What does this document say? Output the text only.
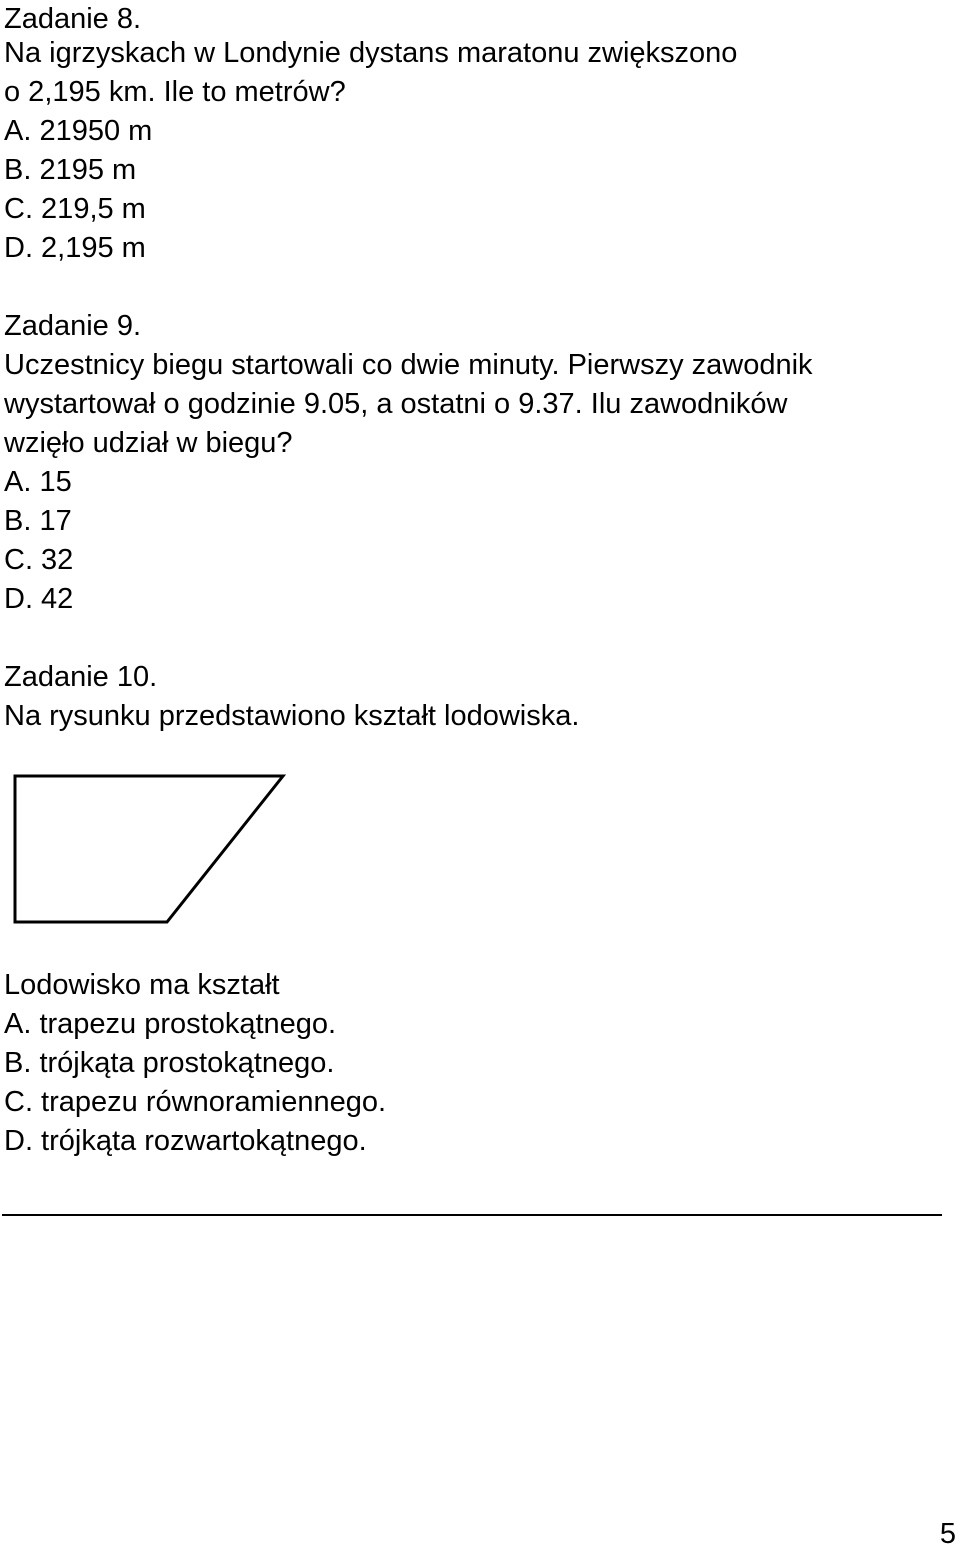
Zadanie 8.
Na igrzyskach w Londynie dystans maratonu zwiększono
o 2,195 km. Ile to metrów?
A. 21950 m
B. 2195 m
C. 219,5 m
D. 2,195 m
Zadanie 9.
Uczestnicy biegu startowali co dwie minuty. Pierwszy zawodnik
wystartował o godzinie 9.05, a ostatni o 9.37. Ilu zawodników
wzięło udział w biegu?
A. 15
B. 17
C. 32
D. 42
Zadanie 10.
Na rysunku przedstawiono kształt lodowiska.
Lodowisko ma kształt
A. trapezu prostokątnego.
B. trójkąta prostokątnego.
C. trapezu równoramiennego.
D. trójkąta rozwartokątnego.
5
